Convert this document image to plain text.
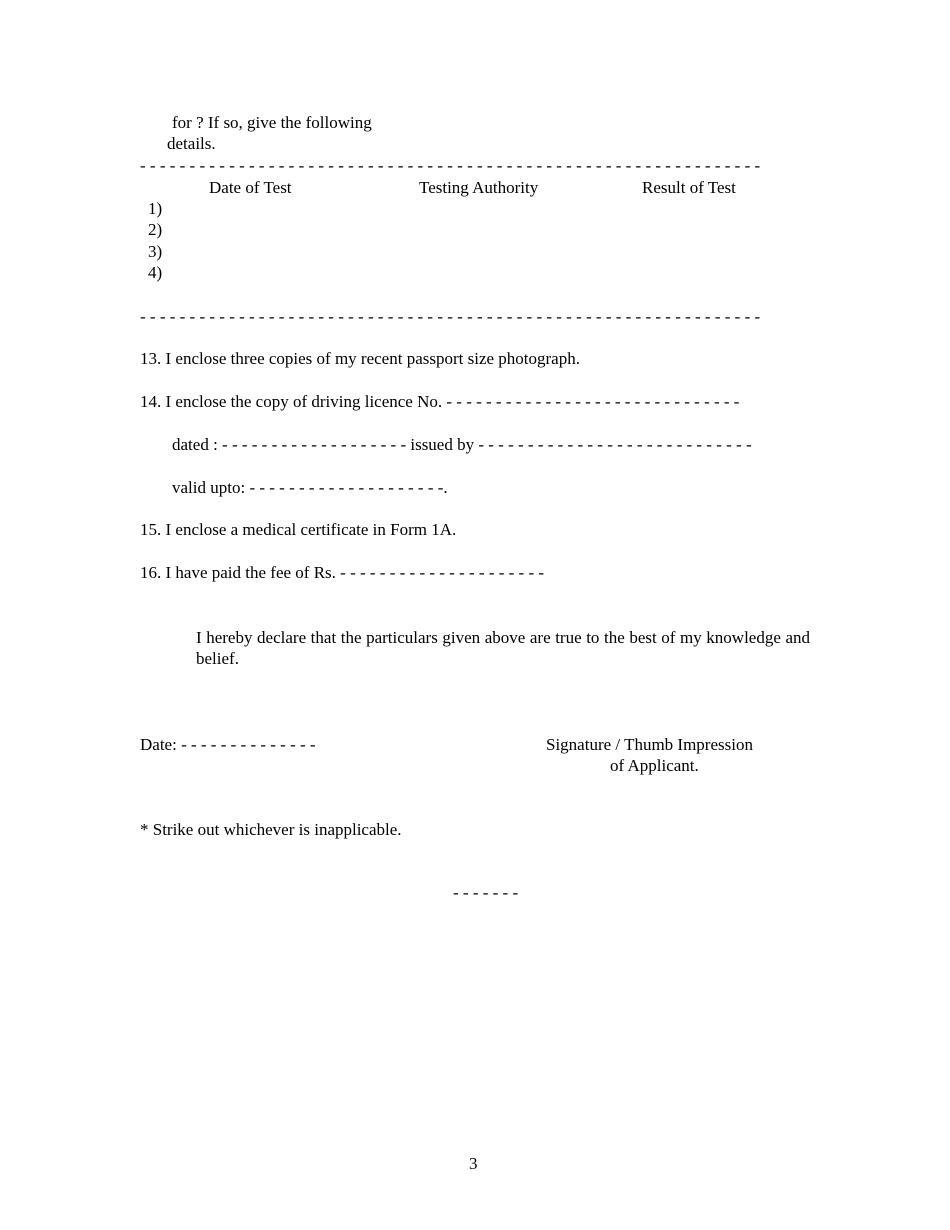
for ? If so, give the following
details.
- - - - - - - - - - - - - - - - - - - - - - - - - - - - - - - - - - - - - - - - - - - - - - - - - - - - - - - - - - - - - - -
Date of Test	Testing Authority	Result of Test
1)
2)
3)
4)
- - - - - - - - - - - - - - - - - - - - - - - - - - - - - - - - - - - - - - - - - - - - - - - - - - - - - - - - - - - - - - -
13. I enclose three copies of my recent passport size photograph.
14. I enclose the copy of driving licence No. - - - - - - - - - - - - - - - - - - - - - - - - - - - - - -
dated : - - - - - - - - - - - - - - - - - - - issued by - - - - - - - - - - - - - - - - - - - - - - - - - - - -
valid upto: - - - - - - - - - - - - - - - - - - - -.
15. I enclose a medical certificate in Form 1A.
16. I have paid the fee of Rs. - - - - - - - - - - - - - - - - - - - - -
I hereby declare that the particulars given above are true to the best of my knowledge and belief.
Date: - - - - - - - - - - - - - -	Signature / Thumb Impression
of Applicant.
* Strike out whichever is inapplicable.
- - - - - - -
3
